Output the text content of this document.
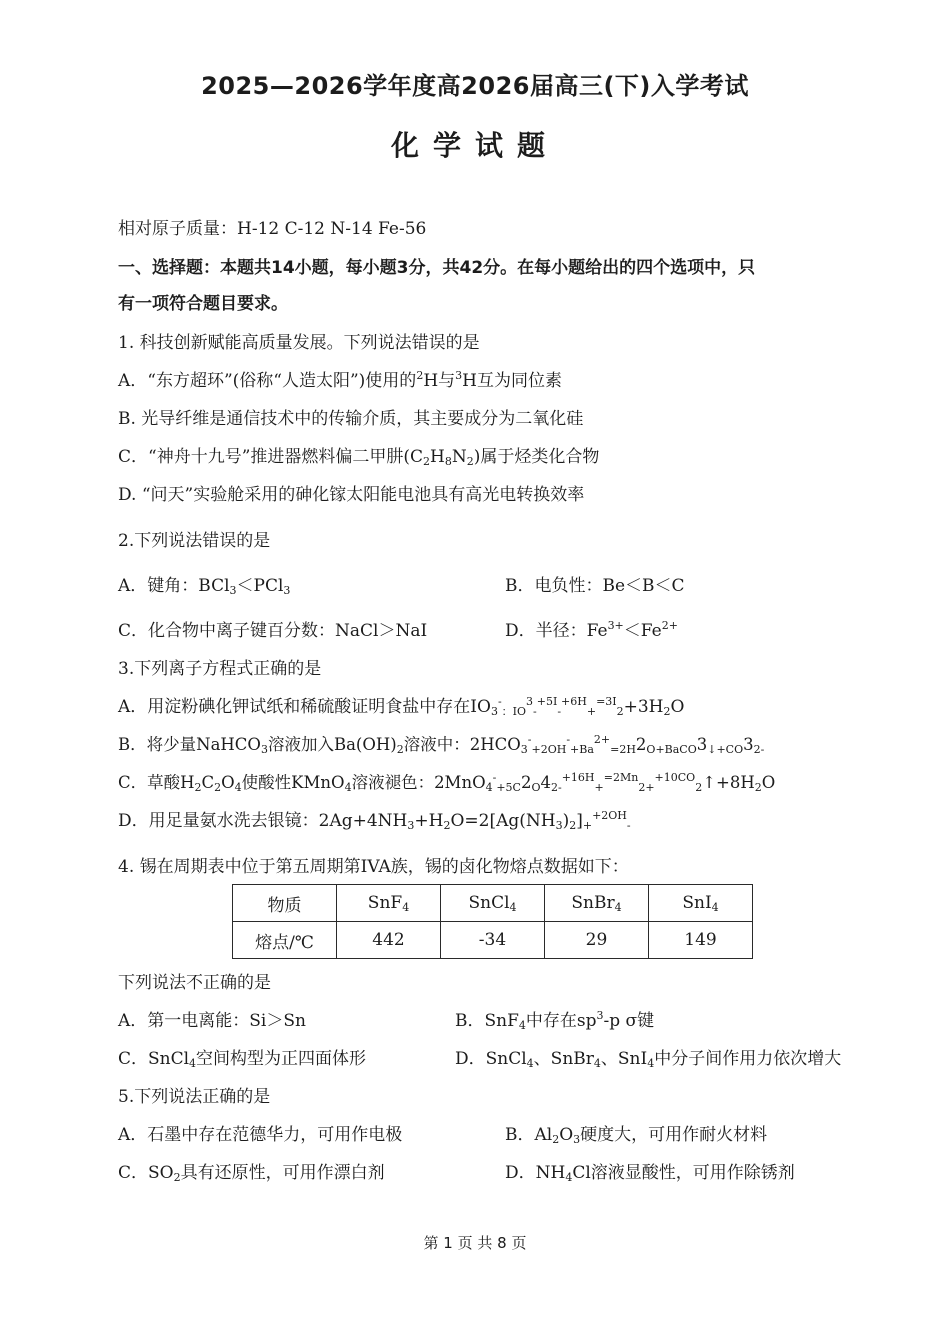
2025—2026学年度高2026届高三(下)入学考试
化学试题
相对原子质量：H-12 C-12 N-14 Fe-56
一、选择题：本题共14小题，每小题3分，共42分。在每小题给出的四个选项中，只
有一项符合题目要求。
1. 科技创新赋能高质量发展。下列说法错误的是
A．“东方超环”(俗称“人造太阳”)使用的$^2$H与$^3$H互为同位素
B. 光导纤维是通信技术中的传输介质，其主要成分为二氧化硅
C．“神舟十九号”推进器燃料偏二甲肼$(C_2H_8N_2)$属于烃类化合物
D. “问天”实验舱采用的砷化镓太阳能电池具有高光电转换效率
2.下列说法错误的是
A．键角：BCl$_3$＜PCl$_3$	B．电负性：Be＜B＜C
C．化合物中离子键百分数：NaCl＞NaI	D．半径：$Fe^{3+}<Fe^{2+}$
3.下列离子方程式正确的是
A．用淀粉碘化钾试纸和稀硫酸证明食盐中存在$IO_3^-_{:IO}^3_-^{+5I}_-^{+6H}_+^{=3I}_2+3H_2O$
B．将少量NaHCO$_3$溶液加入$Ba(OH)_2$溶液中：$2HCO_3^-_{+2OH}^-_{+Ba}^{2+}_{=2H}2_{O+BaCO}3_{↓+CO}3_{2-}$
C．草酸$H_2C_2O_4$使酸性KMnO$_4$溶液褪色：$2MnO_4^-_{+5C}2_O4_{2-}^{+16H}_+^{=2Mn}_{2+}^{+10CO}_2↑+8H_2O$
D．用足量氨水洗去银镜：$2Ag+4NH_3+H_2O=2[Ag(NH_3)_2]_+^{+2OH}_-$
4. 锡在周期表中位于第五周期第IVA族，锡的卤化物熔点数据如下：
物质	SnF$_4$	SnCl$_4$	SnBr$_4$	SnI$_4$
熔点/℃	442	-34	29	149
下列说法不正确的是
A．第一电离能：Si＞Sn	B．SnF$_4$中存在$sp^3-p$ σ键
C．SnCl$_4$空间构型为正四面体形	D．SnCl$_4$、SnBr$_4$、SnI$_4$中分子间作用力依次增大
5.下列说法正确的是
A．石墨中存在范德华力，可用作电极	B．$Al_2O_3$硬度大，可用作耐火材料
C．$SO_2$具有还原性，可用作漂白剂	D．$NH_4Cl$溶液显酸性，可用作除锈剂
第 1 页 共 8 页
